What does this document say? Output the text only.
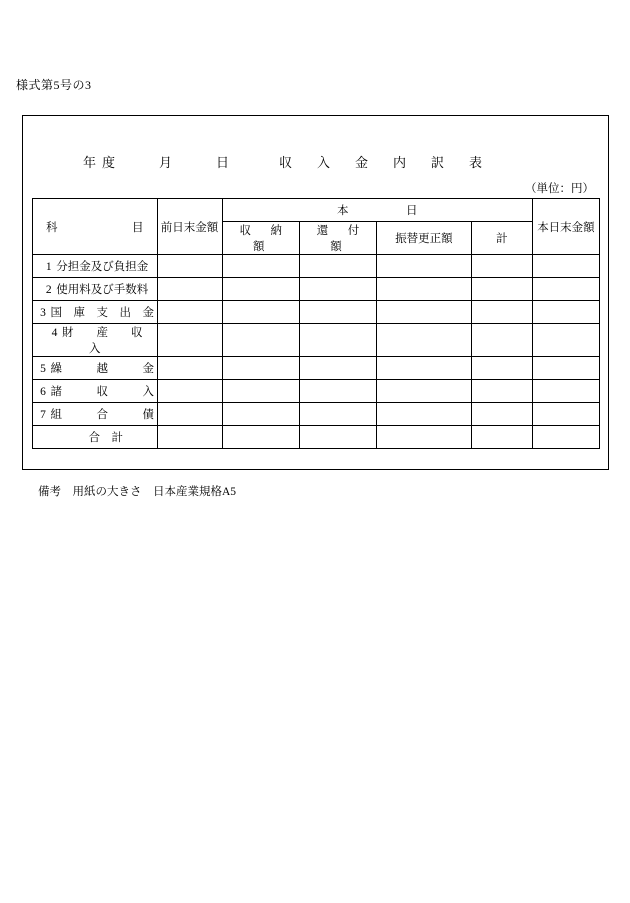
様式第5号の3
年度　　月　　日	収　入　金　内　訳　表
（単位：円）
科　　　目	前日末金額	本　　　　　日				本日末金額
		収　納　額	還　付　額	振替更正額	計	
1 分担金及び負担金						
2 使用料及び手数料						
3 国　庫　支　出　金						
4 財　　産　　収　　入						
5 繰　　　越　　　金						
6 諸　　　収　　　入						
7 組　　　合　　　債						
合　計						
備考　用紙の大きさ　日本産業規格A5
